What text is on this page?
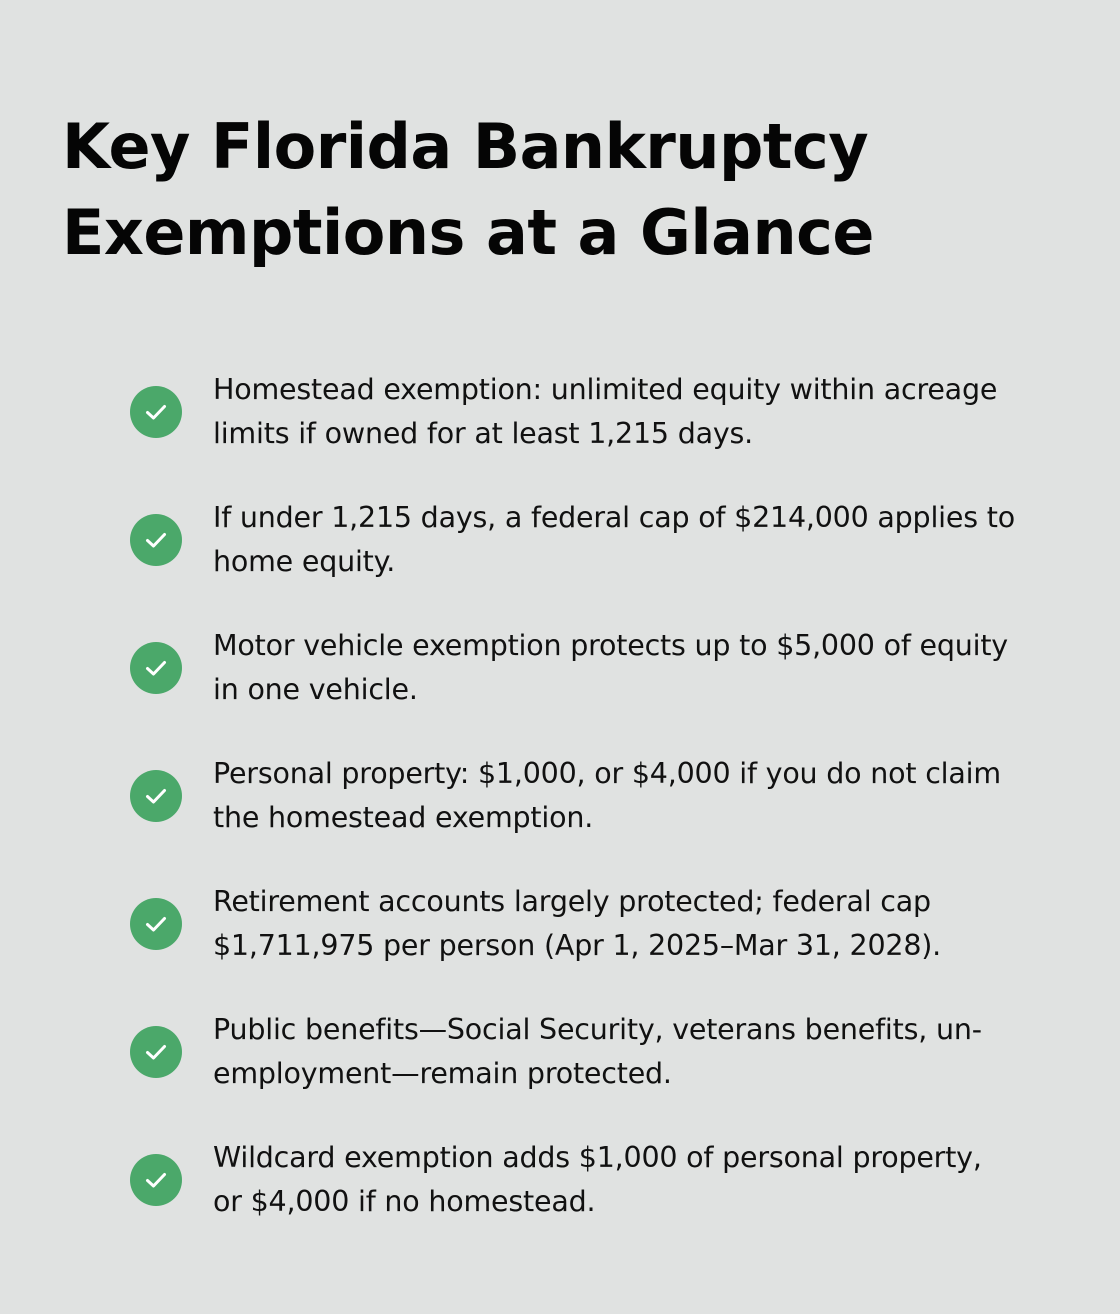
Key Florida Bankruptcy
Exemptions at a Glance
Homestead exemption: unlimited equity within acreage
limits if owned for at least 1,215 days.
If under 1,215 days, a federal cap of $214,000 applies to
home equity.
Motor vehicle exemption protects up to $5,000 of equity
in one vehicle.
Personal property: $1,000, or $4,000 if you do not claim
the homestead exemption.
Retirement accounts largely protected; federal cap
$1,711,975 per person (Apr 1, 2025–Mar 31, 2028).
Public benefits—Social Security, veterans benefits, un-
employment—remain protected.
Wildcard exemption adds $1,000 of personal property,
or $4,000 if no homestead.
